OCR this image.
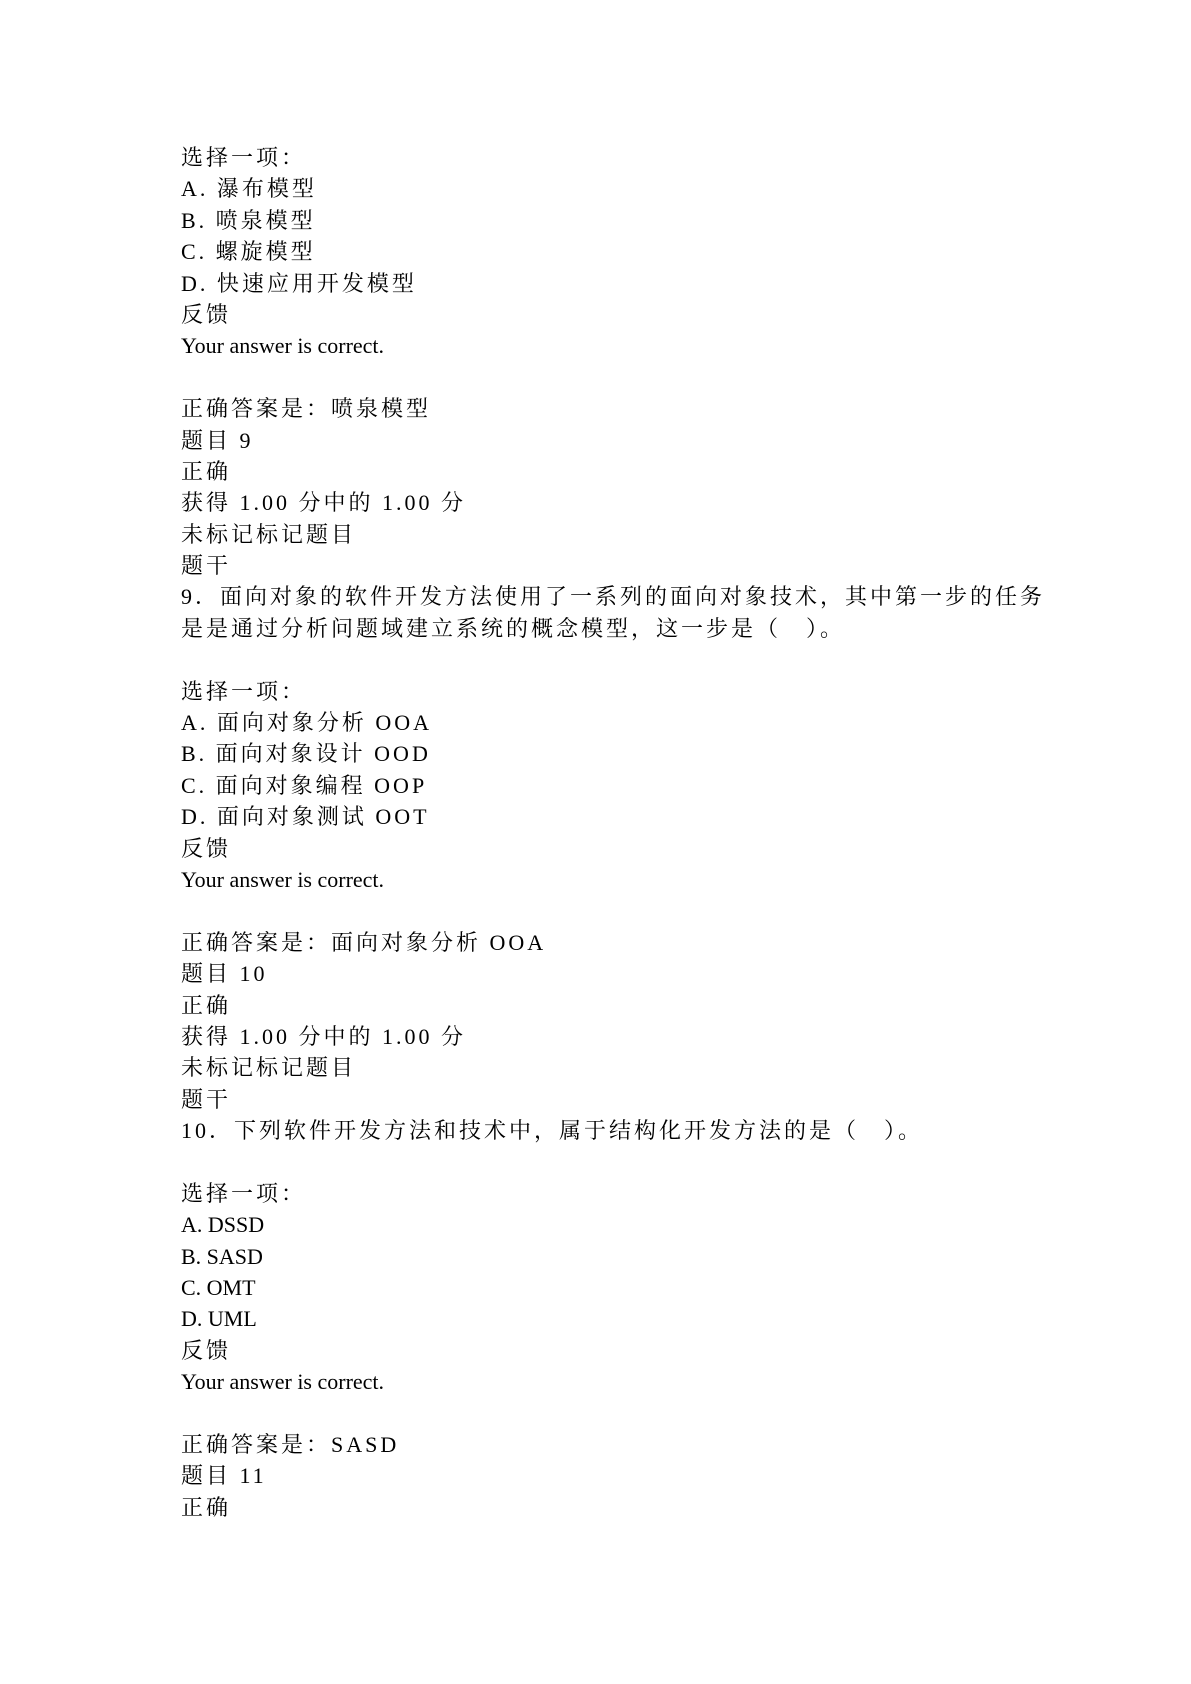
选择一项：
A. 瀑布模型
B. 喷泉模型
C. 螺旋模型
D. 快速应用开发模型
反馈
Your answer is correct.
正确答案是：喷泉模型
题目 9
正确
获得 1.00 分中的 1.00 分
未标记标记题目
题干
9．面向对象的软件开发方法使用了一系列的面向对象技术，其中第一步的任务
是是通过分析问题域建立系统的概念模型，这一步是（　）。
选择一项：
A. 面向对象分析 OOA
B. 面向对象设计 OOD
C. 面向对象编程 OOP
D. 面向对象测试 OOT
反馈
Your answer is correct.
正确答案是：面向对象分析 OOA
题目 10
正确
获得 1.00 分中的 1.00 分
未标记标记题目
题干
10．下列软件开发方法和技术中，属于结构化开发方法的是（　）。
选择一项：
A. DSSD
B. SASD
C. OMT
D. UML
反馈
Your answer is correct.
正确答案是：SASD
题目 11
正确
